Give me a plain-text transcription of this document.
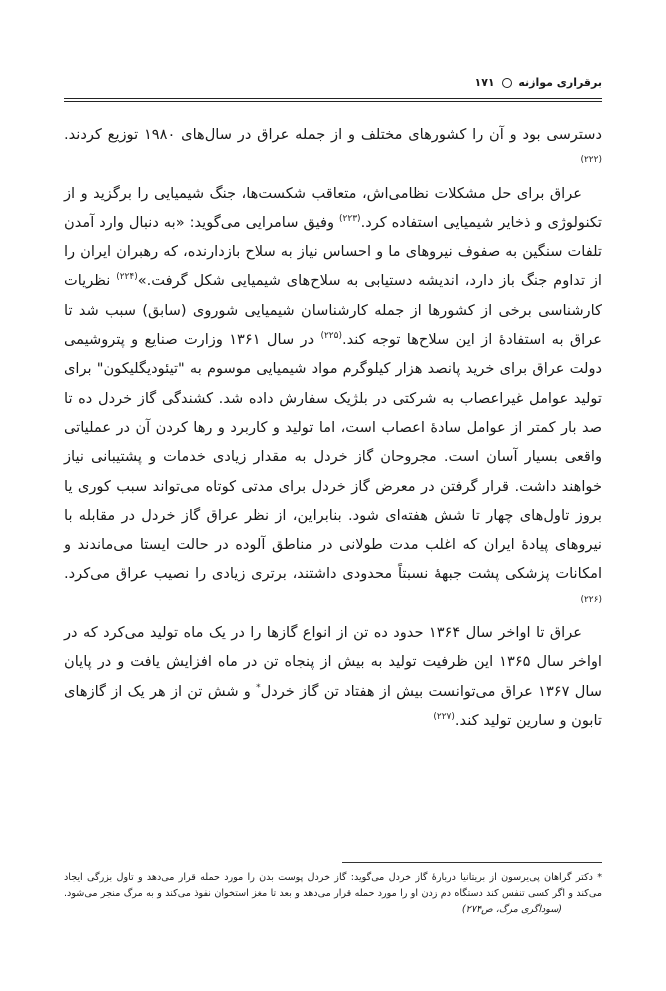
برقراری موازنه  ۱۷۱

دسترسی بود و آن را کشورهای مختلف و از جمله عراق در سال‌های ۱۹۸۰ توزیع کردند.$^{(۲۲۲)}$

عراق برای حل مشکلات نظامی‌اش، متعاقب شکست‌ها، جنگ شیمیایی را برگزید و از تکنولوژی و ذخایر شیمیایی استفاده کرد.$^{(۲۲۳)}$ وفیق سامرایی می‌گوید: «به دنبال وارد آمدن تلفات سنگین به صفوف نیروهای ما و احساس نیاز به سلاح بازدارنده، که رهبران ایران را از تداوم جنگ باز دارد، اندیشه دستیابی به سلاح‌های شیمیایی شکل گرفت.»$^{(۲۲۴)}$ نظریات کارشناسی برخی از کشورها از جمله کارشناسان شیمیایی شوروی (سابق) سبب شد تا عراق به استفادهٔ از این سلاح‌ها توجه کند.$^{(۲۲۵)}$ در سال ۱۳۶۱ وزارت صنایع و پتروشیمی دولت عراق برای خرید پانصد هزار کیلوگرم مواد شیمیایی موسوم به "تیئودیگلیکون" برای تولید عوامل غیراعصاب به شرکتی در بلژیک سفارش داده شد. کشندگی گاز خردل ده تا صد بار کمتر از عوامل سادهٔ اعصاب است، اما تولید و کاربرد و رها کردن آن در عملیاتی واقعی بسیار آسان است. مجروحان گاز خردل به مقدار زیادی خدمات و پشتیبانی نیاز خواهند داشت. قرار گرفتن در معرض گاز خردل برای مدتی کوتاه می‌تواند سبب کوری یا بروز تاول‌های چهار تا شش هفته‌ای شود. بنابراین، از نظر عراق گاز خردل در مقابله با نیروهای پیادهٔ ایران که اغلب مدت طولانی در مناطق آلوده در حالت ایستا می‌ماندند و امکانات پزشکی پشت جبههٔ نسبتاً محدودی داشتند، برتری زیادی را نصیب عراق می‌کرد.$^{(۲۲۶)}$

عراق تا اواخر سال ۱۳۶۴ حدود ده تن از انواع گازها را در یک ماه تولید می‌کرد که در اواخر سال ۱۳۶۵ این ظرفیت تولید به بیش از پنجاه تن در ماه افزایش یافت و در پایان سال ۱۳۶۷ عراق می‌توانست بیش از هفتاد تن گاز خردل* و شش تن از هر یک از گازهای تابون و سارین تولید کند.$^{(۲۲۷)}$

* دکتر گراهان پی‌یرسون از بریتانیا دربارهٔ گاز خردل می‌گوید: گاز خردل پوست بدن را مورد حمله قرار می‌دهد و تاول بزرگی ایجاد می‌کند و اگر کسی تنفس کند دستگاه دم زدن او را مورد حمله قرار می‌دهد و بعد تا مغز استخوان نفوذ می‌کند و به مرگ منجر می‌شود. (سوداگری مرگ، ص۲۷۴)
